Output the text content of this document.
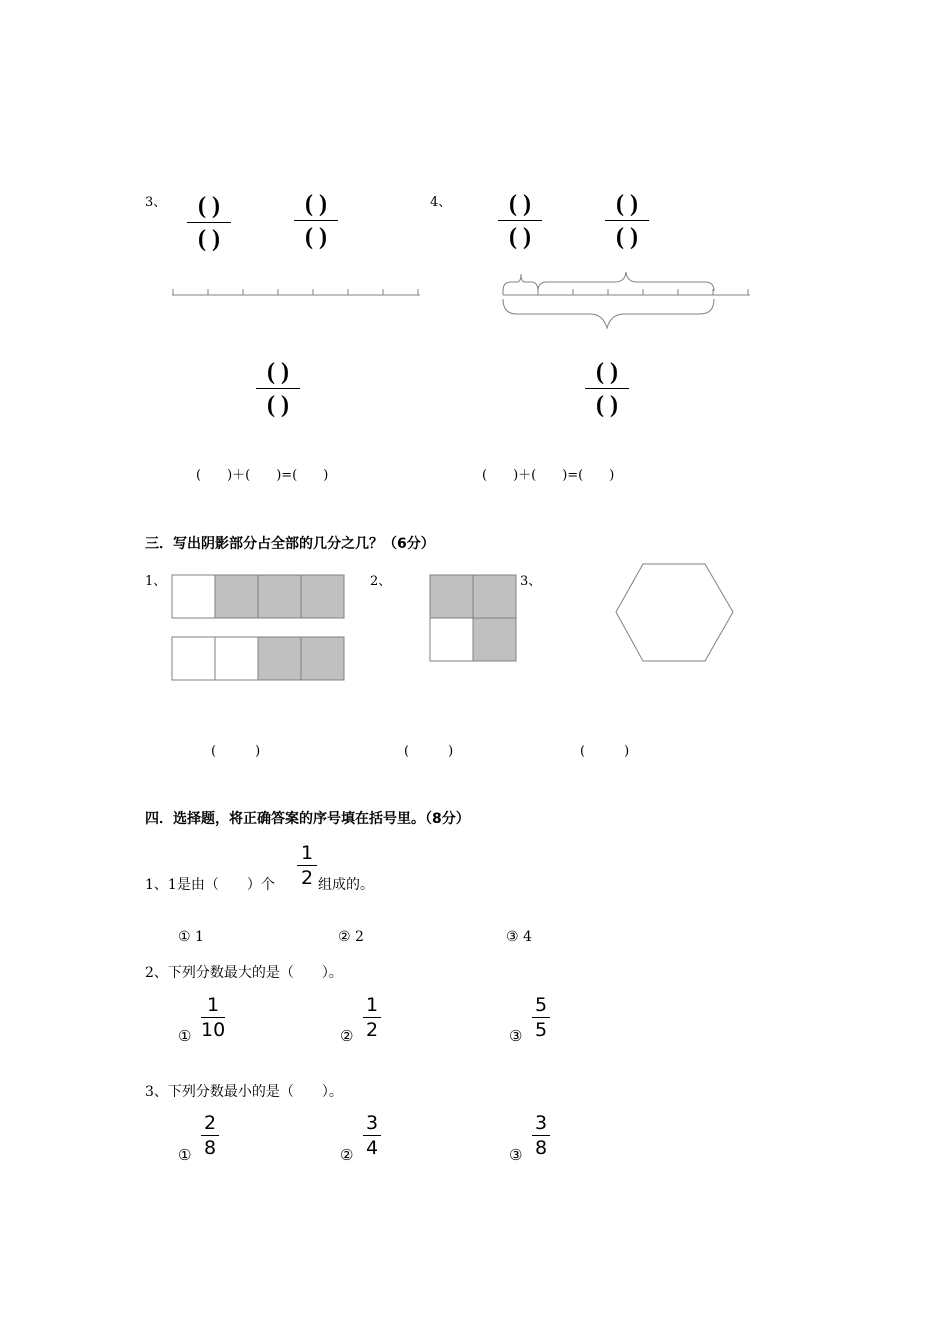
3、	4、
( )
( )
( )
( )
( )
( )
( )
( )
( )
( )
( )
( )
(　　)＋(　　)=(　　)	(　　)＋(　　)=(　　)
三．写出阴影部分占全部的几分之几？（6分）
1、	2、	3、
(　　　)	(　　　)	(　　　)
四．选择题，将正确答案的序号填在括号里。（8分）
1、1是由（　　）个
1
2 组成的。
① 1	② 2	③ 4
2、下列分数最大的是（　　）。
①
1
10	②
1
2	③
5
5
3、下列分数最小的是（　　）。
①
2
8	②
3
4	③
3
8
